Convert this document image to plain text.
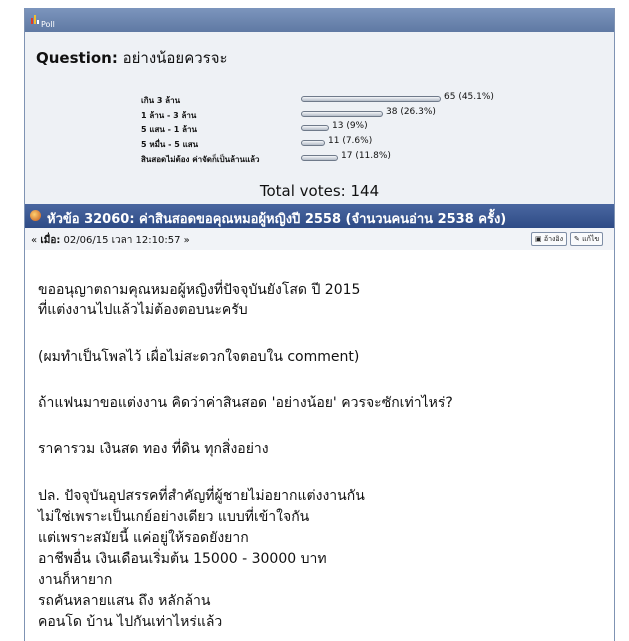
Poll
Question: อย่างน้อยควรจะ
เกิน 3 ล้าน	65 (45.1%)
1 ล้าน - 3 ล้าน	38 (26.3%)
5 แสน - 1 ล้าน	13 (9%)
5 หมื่น - 5 แสน	11 (7.6%)
สินสอดไม่ต้อง ค่าจัดก็เป็นล้านแล้ว	17 (11.8%)
Total votes: 144
หัวข้อ 32060: ค่าสินสอดขอคุณหมอผู้หญิงปี 2558 (จำนวนคนอ่าน 2538 ครั้ง)
« เมื่อ: 02/06/15 เวลา 12:10:57 »	▣ อ้างอิง	✎ แก้ไข
ขออนุญาตถามคุณหมอผู้หญิงที่ปัจจุบันยังโสด ปี 2015
ที่แต่งงานไปแล้วไม่ต้องตอบนะครับ
(ผมทำเป็นโพลไว้ เผื่อไม่สะดวกใจตอบใน comment)
ถ้าแฟนมาขอแต่งงาน คิดว่าค่าสินสอด 'อย่างน้อย' ควรจะซักเท่าไหร่?
ราคารวม เงินสด ทอง ที่ดิน ทุกสิ่งอย่าง
ปล. ปัจจุบันอุปสรรคที่สำคัญที่ผู้ชายไม่อยากแต่งงานกัน
ไม่ใช่เพราะเป็นเกย์อย่างเดียว แบบที่เข้าใจกัน
แต่เพราะสมัยนี้ แค่อยู่ให้รอดยังยาก
อาชีพอื่น เงินเดือนเริ่มต้น 15000 - 30000 บาท
งานก็หายาก
รถคันหลายแสน ถึง หลักล้าน
คอนโด บ้าน ไปกันเท่าไหร่แล้ว
